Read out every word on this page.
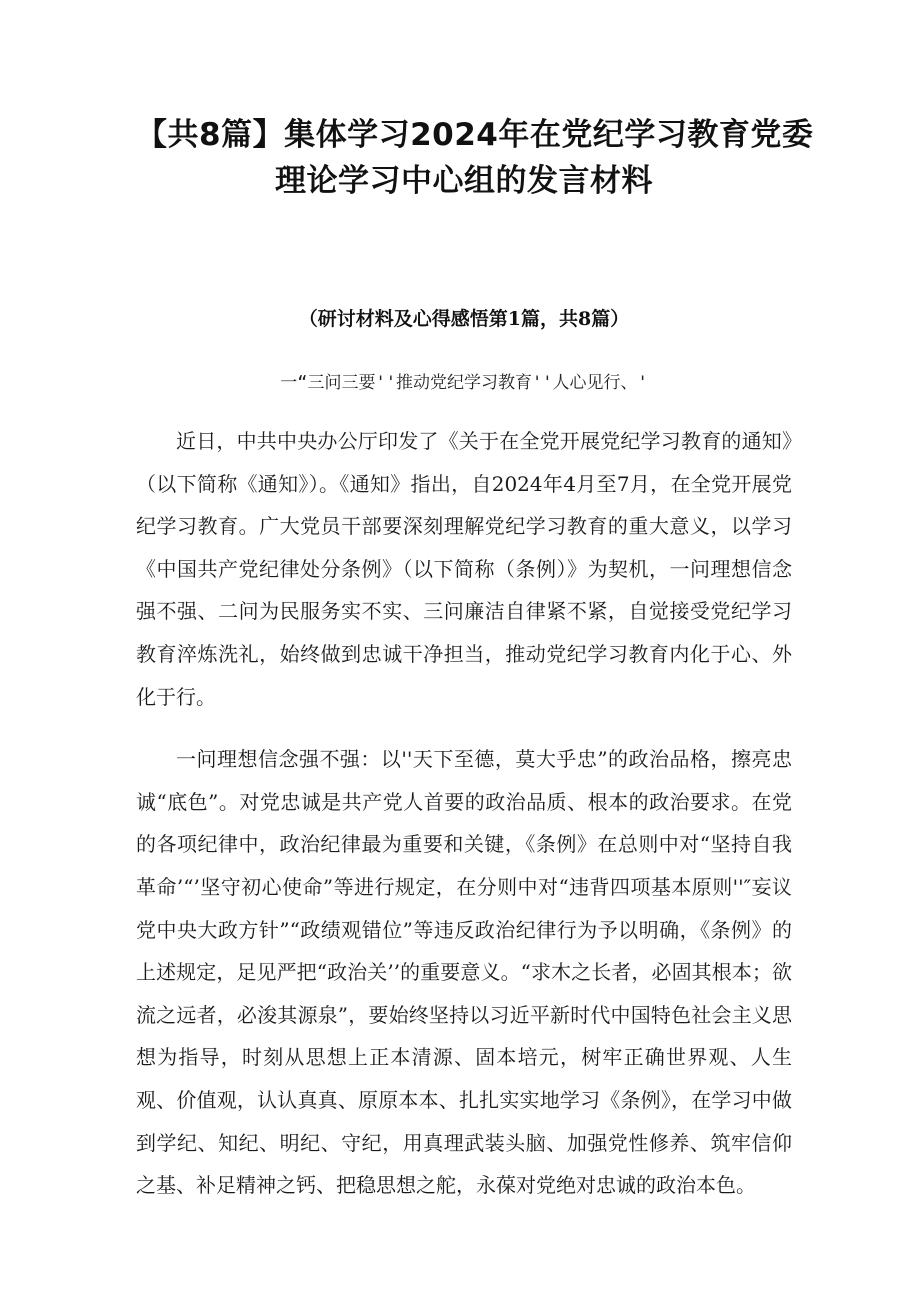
【共8篇】集体学习2024年在党纪学习教育党委
理论学习中心组的发言材料
（研讨材料及心得感悟第1篇，共8篇）
一“三问三要''推动党纪学习教育''人心见行、'

近日，中共中央办公厅印发了《关于在全党开展党纪学习教育的通知》（以下简称《通知》）。《通知》指出，自2024年4月至7月，在全党开展党纪学习教育。广大党员干部要深刻理解党纪学习教育的重大意义，以学习《中国共产党纪律处分条例》（以下简称（条例）》为契机，一问理想信念强不强、二问为民服务实不实、三问廉洁自律紧不紧，自觉接受党纪学习教育淬炼洗礼，始终做到忠诚干净担当，推动党纪学习教育内化于心、外化于行。

一问理想信念强不强：以''天下至德，莫大乎忠”的政治品格，擦亮忠诚“底色”。对党忠诚是共产党人首要的政治品质、根本的政治要求。在党的各项纪律中，政治纪律最为重要和关键，《条例》在总则中对“坚持自我革命’“’坚守初心使命”等进行规定，在分则中对“违背四项基本原则''″妄议党中央大政方针”“政绩观错位”等违反政治纪律行为予以明确，《条例》的上述规定，足见严把“政治关’’的重要意义。“求木之长者，必固其根本；欲流之远者，必浚其源泉”，要始终坚持以习近平新时代中国特色社会主义思想为指导，时刻从思想上正本清源、固本培元，树牢正确世界观、人生观、价值观，认认真真、原原本本、扎扎实实地学习《条例》，在学习中做到学纪、知纪、明纪、守纪，用真理武装头脑、加强党性修养、筑牢信仰之基、补足精神之钙、把稳思想之舵，永葆对党绝对忠诚的政治本色。
